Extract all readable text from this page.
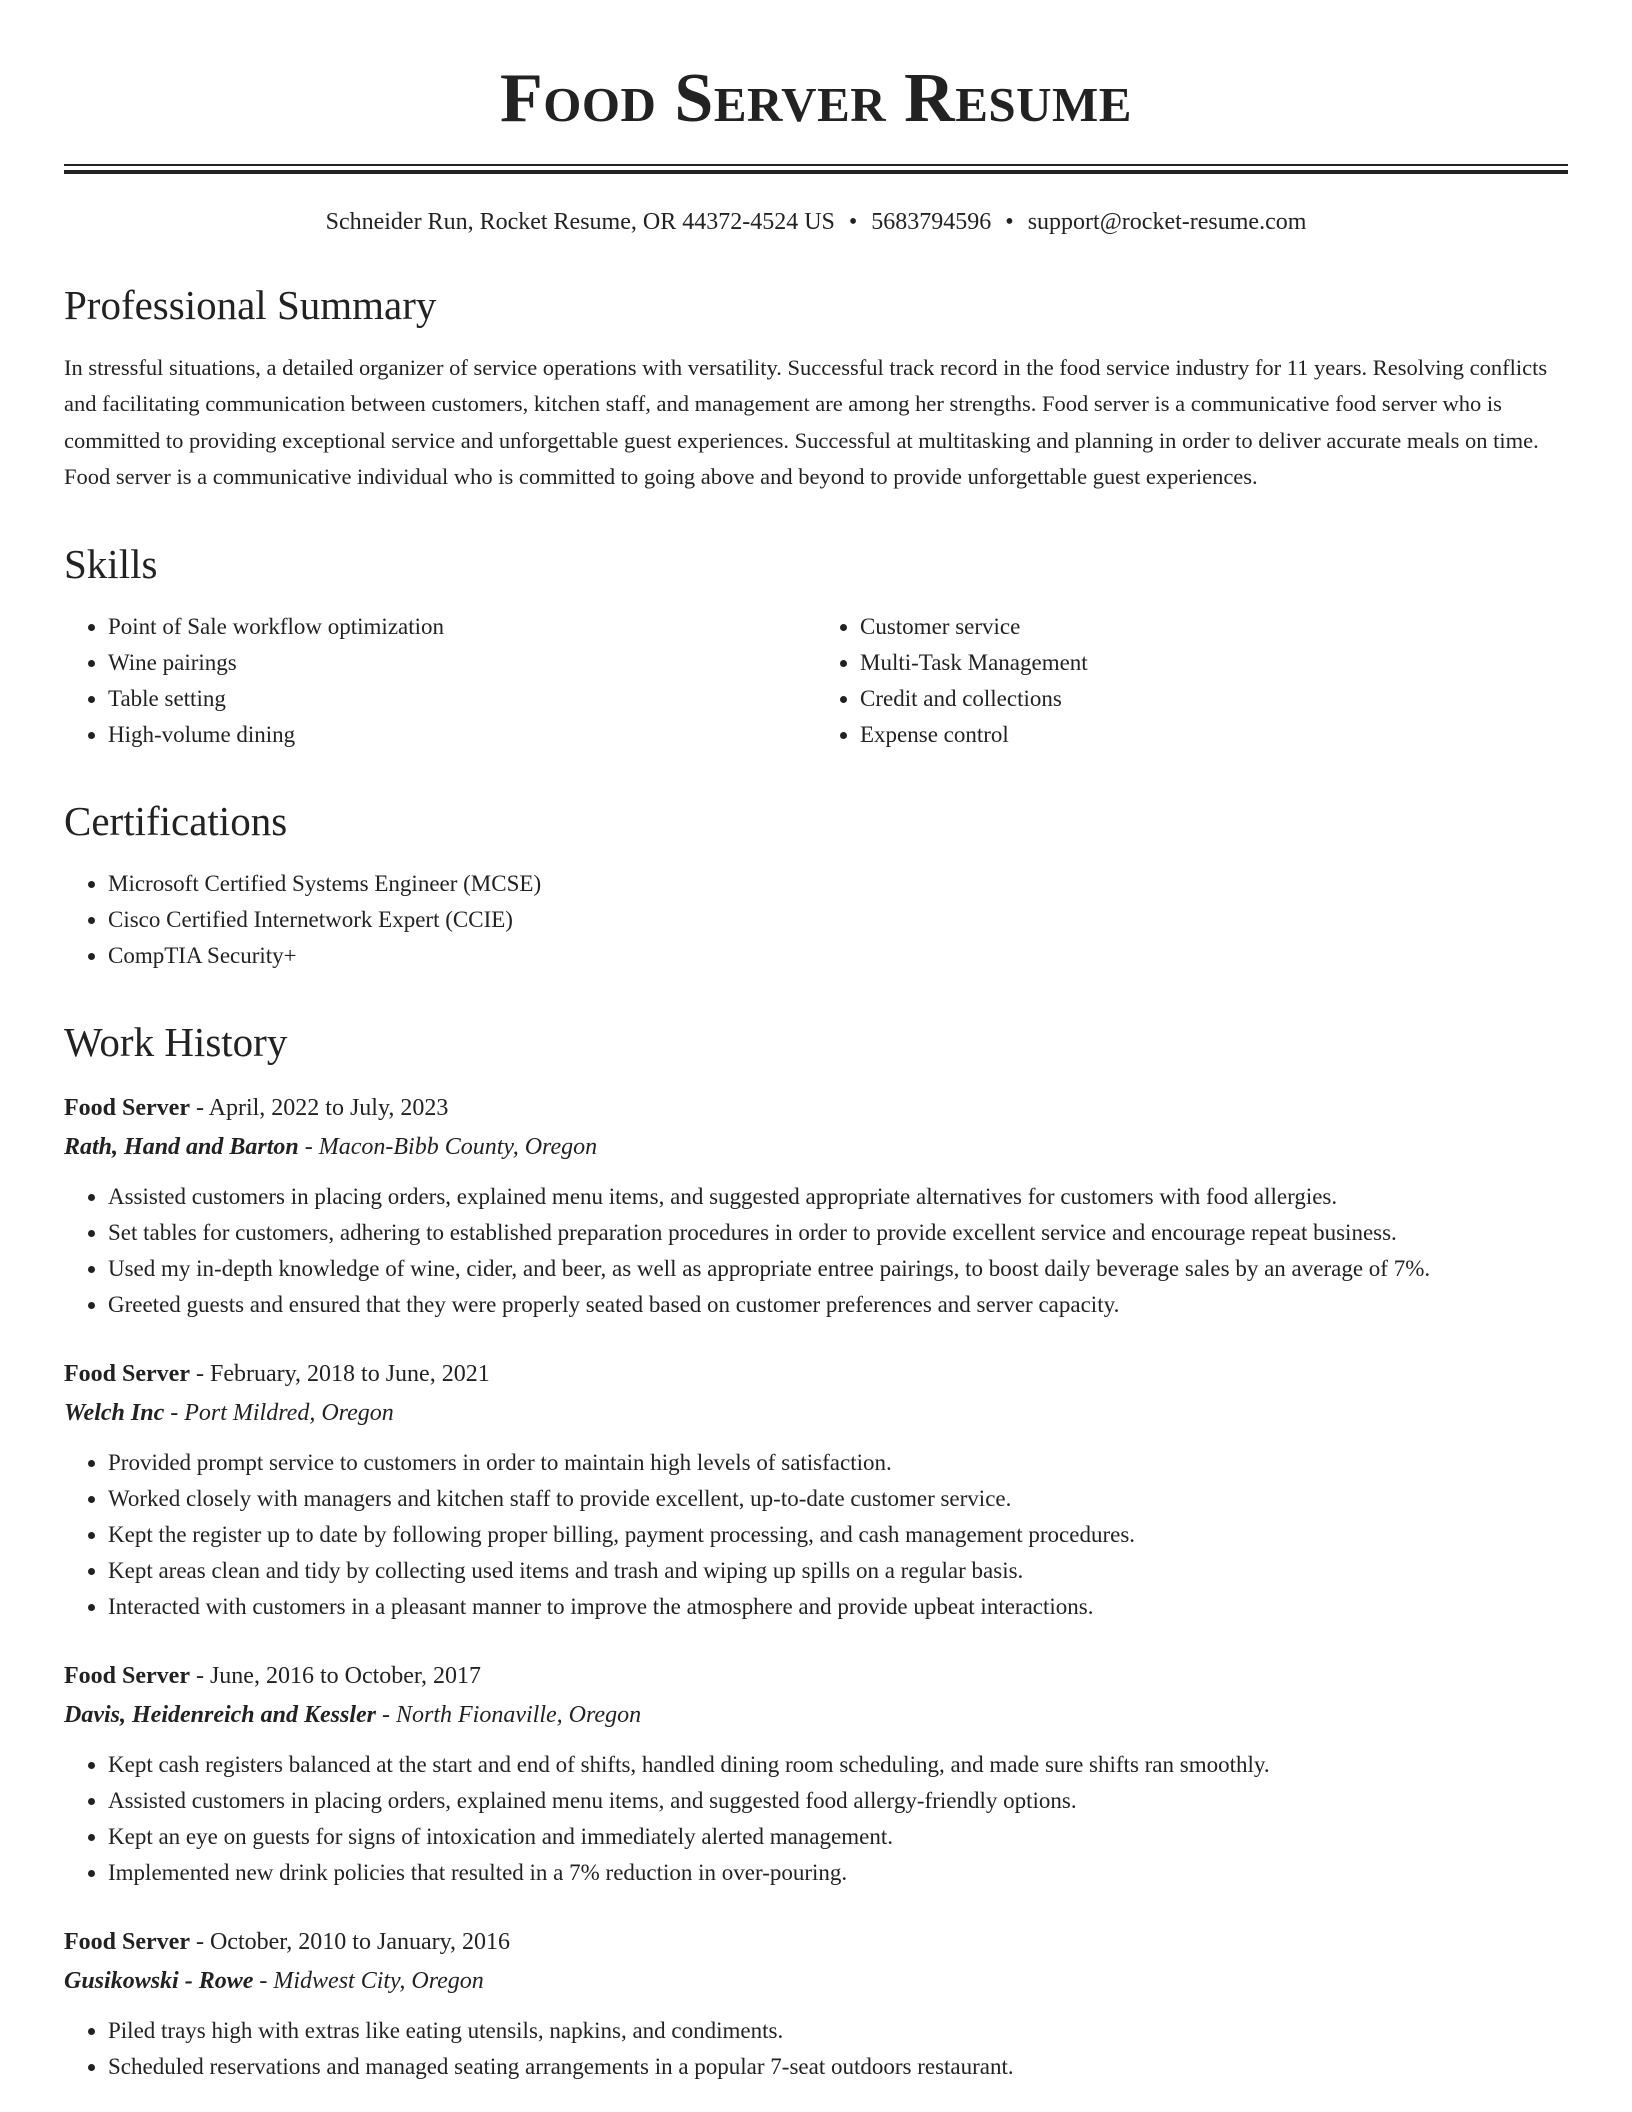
Food Server Resume
Schneider Run, Rocket Resume, OR 44372-4524 US • 5683794596 • support@rocket-resume.com
Professional Summary

In stressful situations, a detailed organizer of service operations with versatility. Successful track record in the food service industry for 11 years. Resolving conflicts and facilitating communication between customers, kitchen staff, and management are among her strengths. Food server is a communicative food server who is committed to providing exceptional service and unforgettable guest experiences. Successful at multitasking and planning in order to deliver accurate meals on time. Food server is a communicative individual who is committed to going above and beyond to provide unforgettable guest experiences.

Skills
• Point of Sale workflow optimization
• Wine pairings
• Table setting
• High-volume dining
• Customer service
• Multi-Task Management
• Credit and collections
• Expense control
Certifications
• Microsoft Certified Systems Engineer (MCSE)
• Cisco Certified Internetwork Expert (CCIE)
• CompTIA Security+
Work History
Food Server - April, 2022 to July, 2023
Rath, Hand and Barton - Macon-Bibb County, Oregon
• Assisted customers in placing orders, explained menu items, and suggested appropriate alternatives for customers with food allergies.
• Set tables for customers, adhering to established preparation procedures in order to provide excellent service and encourage repeat business.
• Used my in-depth knowledge of wine, cider, and beer, as well as appropriate entree pairings, to boost daily beverage sales by an average of 7%.
• Greeted guests and ensured that they were properly seated based on customer preferences and server capacity.
Food Server - February, 2018 to June, 2021
Welch Inc - Port Mildred, Oregon
• Provided prompt service to customers in order to maintain high levels of satisfaction.
• Worked closely with managers and kitchen staff to provide excellent, up-to-date customer service.
• Kept the register up to date by following proper billing, payment processing, and cash management procedures.
• Kept areas clean and tidy by collecting used items and trash and wiping up spills on a regular basis.
• Interacted with customers in a pleasant manner to improve the atmosphere and provide upbeat interactions.
Food Server - June, 2016 to October, 2017
Davis, Heidenreich and Kessler - North Fionaville, Oregon
• Kept cash registers balanced at the start and end of shifts, handled dining room scheduling, and made sure shifts ran smoothly.
• Assisted customers in placing orders, explained menu items, and suggested food allergy-friendly options.
• Kept an eye on guests for signs of intoxication and immediately alerted management.
• Implemented new drink policies that resulted in a 7% reduction in over-pouring.
Food Server - October, 2010 to January, 2016
Gusikowski - Rowe - Midwest City, Oregon
• Piled trays high with extras like eating utensils, napkins, and condiments.
• Scheduled reservations and managed seating arrangements in a popular 7-seat outdoors restaurant.
